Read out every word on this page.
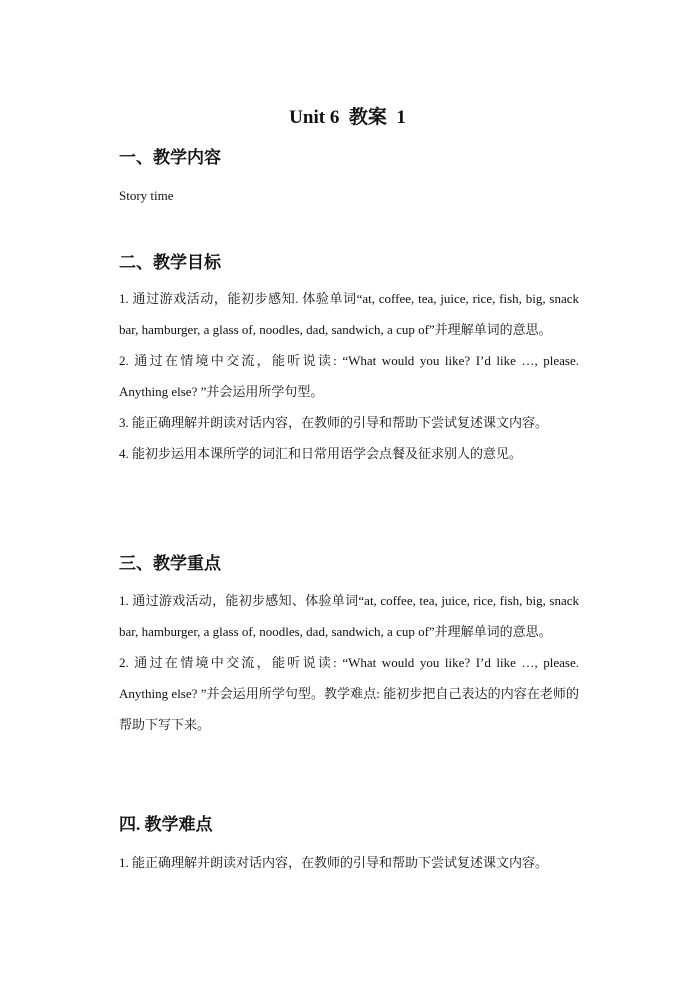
Unit 6  教案  1
一、教学内容
Story time
二、教学目标

1. 通过游戏活动，能初步感知. 体验单词“at, coffee, tea, juice, rice, fish, big, snack bar, hamburger, a glass of, noodles, dad, sandwich, a cup of”并理解单词的意思。

2. 通过在情境中交流，能听说读: “What would you like? I’d like …, please. Anything else? ”并会运用所学句型。

3. 能正确理解并朗读对话内容，在教师的引导和帮助下尝试复述课文内容。

4. 能初步运用本课所学的词汇和日常用语学会点餐及征求别人的意见。

三、教学重点

1. 通过游戏活动，能初步感知、体验单词“at, coffee, tea, juice, rice, fish, big, snack bar, hamburger, a glass of, noodles, dad, sandwich, a cup of”并理解单词的意思。

2. 通过在情境中交流，能听说读: “What would you like? I’d like …, please. Anything else? ”并会运用所学句型。教学难点: 能初步把自己表达的内容在老师的帮助下写下来。

四. 教学难点

1. 能正确理解并朗读对话内容，在教师的引导和帮助下尝试复述课文内容。
